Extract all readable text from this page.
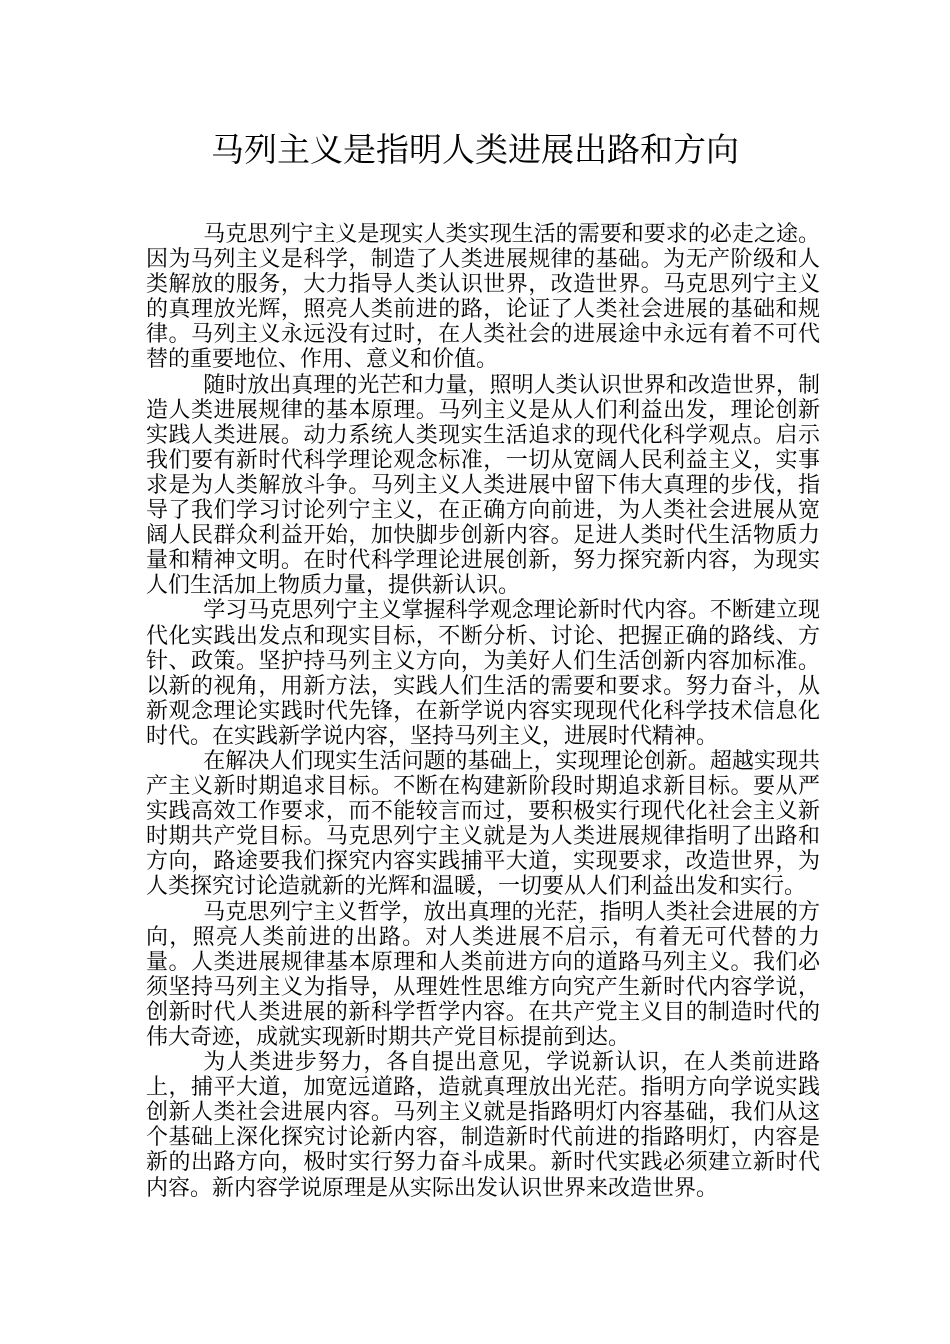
马列主义是指明人类进展出路和方向

马克思列宁主义是现实人类实现生活的需要和要求的必走之途。因为马列主义是科学，制造了人类进展规律的基础。为无产阶级和人类解放的服务，大力指导人类认识世界，改造世界。马克思列宁主义的真理放光辉，照亮人类前进的路，论证了人类社会进展的基础和规律。马列主义永远没有过时，在人类社会的进展途中永远有着不可代替的重要地位、作用、意义和价值。

随时放出真理的光芒和力量，照明人类认识世界和改造世界，制造人类进展规律的基本原理。马列主义是从人们利益出发，理论创新实践人类进展。动力系统人类现实生活追求的现代化科学观点。启示我们要有新时代科学理论观念标准，一切从宽阔人民利益主义，实事求是为人类解放斗争。马列主义人类进展中留下伟大真理的步伐，指导了我们学习讨论列宁主义，在正确方向前进，为人类社会进展从宽阔人民群众利益开始，加快脚步创新内容。足进人类时代生活物质力量和精神文明。在时代科学理论进展创新，努力探究新内容，为现实人们生活加上物质力量，提供新认识。

学习马克思列宁主义掌握科学观念理论新时代内容。不断建立现代化实践出发点和现实目标，不断分析、讨论、把握正确的路线、方针、政策。坚护持马列主义方向，为美好人们生活创新内容加标准。以新的视角，用新方法，实践人们生活的需要和要求。努力奋斗，从新观念理论实践时代先锋，在新学说内容实现现代化科学技术信息化时代。在实践新学说内容，坚持马列主义，进展时代精神。

在解决人们现实生活问题的基础上，实现理论创新。超越实现共产主义新时期追求目标。不断在构建新阶段时期追求新目标。要从严实践高效工作要求，而不能较言而过，要积极实行现代化社会主义新时期共产党目标。马克思列宁主义就是为人类进展规律指明了出路和方向，路途要我们探究内容实践捕平大道，实现要求，改造世界，为人类探究讨论造就新的光辉和温暖，一切要从人们利益出发和实行。

马克思列宁主义哲学，放出真理的光茫，指明人类社会进展的方向，照亮人类前进的出路。对人类进展不启示，有着无可代替的力量。人类进展规律基本原理和人类前进方向的道路马列主义。我们必须坚持马列主义为指导，从理姓性思维方向究产生新时代内容学说，创新时代人类进展的新科学哲学内容。在共产党主义目的制造时代的伟大奇迹，成就实现新时期共产党目标提前到达。

为人类进步努力，各自提出意见，学说新认识，在人类前进路上，捕平大道，加宽远道路，造就真理放出光茫。指明方向学说实践创新人类社会进展内容。马列主义就是指路明灯内容基础，我们从这个基础上深化探究讨论新内容，制造新时代前进的指路明灯，内容是新的出路方向，极时实行努力奋斗成果。新时代实践必须建立新时代内容。新内容学说原理是从实际出发认识世界来改造世界。
